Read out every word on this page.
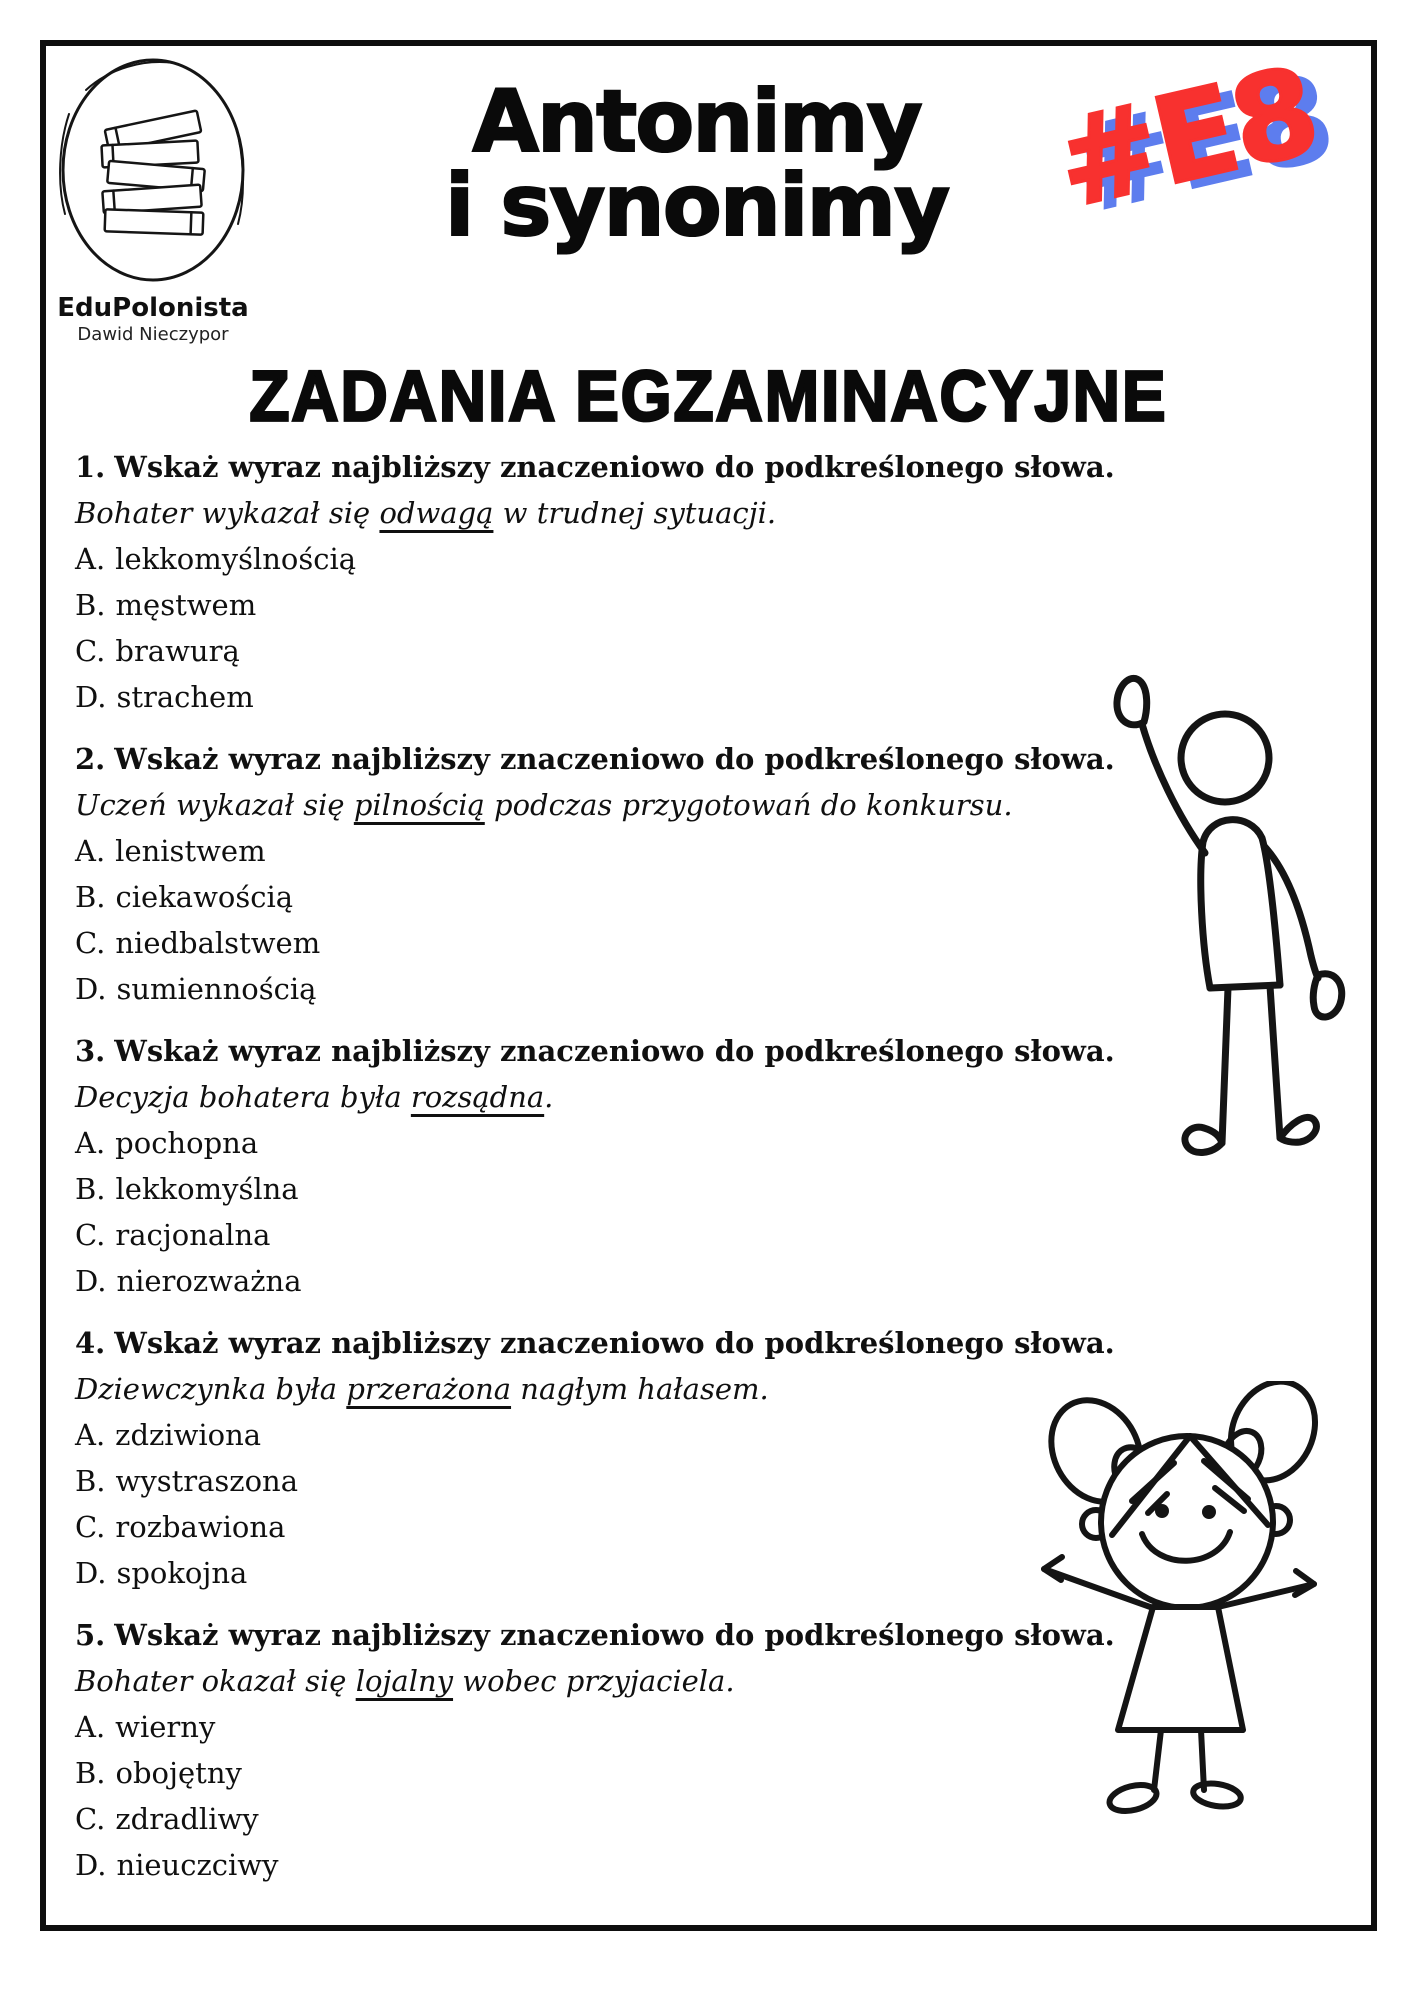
EduPolonista
Dawid Nieczypor
Antonimy
i synonimy #E8
ZADANIA EGZAMINACYJNE

1. Wskaż wyraz najbliższy znaczeniowo do podkreślonego słowa.

Bohater wykazał się odwagą w trudnej sytuacji.

A. lekkomyślnością

B. męstwem

C. brawurą

D. strachem

2. Wskaż wyraz najbliższy znaczeniowo do podkreślonego słowa.

Uczeń wykazał się pilnością podczas przygotowań do konkursu.

A. lenistwem

B. ciekawością

C. niedbalstwem

D. sumiennością

3. Wskaż wyraz najbliższy znaczeniowo do podkreślonego słowa.

Decyzja bohatera była rozsądna.

A. pochopna

B. lekkomyślna

C. racjonalna

D. nierozważna

4. Wskaż wyraz najbliższy znaczeniowo do podkreślonego słowa.

Dziewczynka była przerażona nagłym hałasem.

A. zdziwiona

B. wystraszona

C. rozbawiona

D. spokojna

5. Wskaż wyraz najbliższy znaczeniowo do podkreślonego słowa.

Bohater okazał się lojalny wobec przyjaciela.

A. wierny

B. obojętny

C. zdradliwy

D. nieuczciwy
